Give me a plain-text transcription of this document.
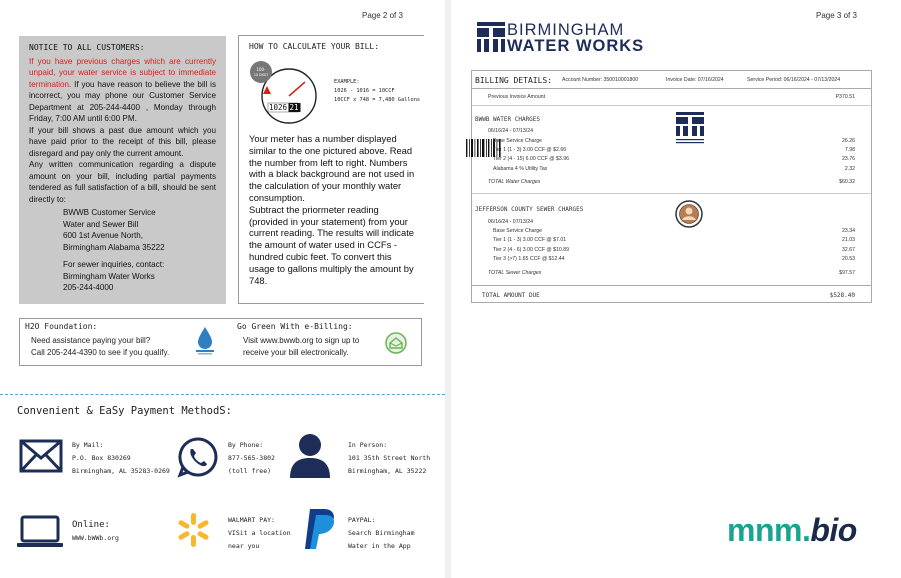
Page 2 of 3
NOTICE TO ALL CUSTOMERS:
If you have previous charges which are currently unpaid, your water service is subject to immediate termination. If you have reason to believe the bill is incorrect, you may phone our Customer Service Department at 205-244-4400 , Monday through Friday, 7:00 AM until 6:00 PM.
If your bill shows a past due amount which you have paid prior to the receipt of this bill, please disregard and pay only the current amount.
Any written communication regarding a dispute amount on your bill, including partial payments tendered as full satisfaction of a bill, should be sent directly to:
BWWB Customer Service
Water and Sewer Bill
600 1st Avenue North,
Birmingham Alabama 35222
For sewer inquiries, contact:
Birmingham Water Works
205-244-4000
HOW TO CALCULATE YOUR BILL:
100-
10 DIGIT
1026 21
EXAMPLE:
1026 - 1016 = 10CCF
10CCF x 748 = 7,480 Gallons
Your meter has a number displayed similar to the one pictured above. Read the number from left to right. Numbers with a black background are not used in the calculation of your monthly water consumption.
Subtract the priormeter reading (provided in your statement) from your current reading. The results will indicate the amount of water used in CCFs - hundred cubic feet. To convert this usage to gallons multiply the amount by 748.
H2O Foundation:
Need assistance paying your bill?
Call 205-244-4390 to see if you qualify.
Go Green With e-Billing:
Visit www.bwwb.org to sign up to
receive your bill electronically.
Convenient & EaSy Payment MethodS:
By Mail:
P.O. Box 830269
Birmingham, AL 35283-0269
By Phone:
877-565-3802
(toll free)
In Person:
101 35th Street North
Birmingham, AL 35222
Online:
WWW.bWWb.org
WALMART PAY:
VISit a location
near you
PAYPAL:
Search Birmingham
Water in the App
Page 3 of 3
BIRMINGHAM
WATER WORKS
BILLING DETAILS: Account Number: 350010001800	Invoice Date: 07/16/2024	Service Period: 06/16/2024 - 07/13/2024
Previous Invoice Amount	P370.51
BWWB WATER CHARGES
06/16/24 - 07/13/24
Base Service Charge	26.26
Tier 1 (1 - 3) 3.00 CCF @ $2.66	7.98
Tier 2 (4 - 15) 6.00 CCF @ $3.96	23.76
Alabama 4 % Utility Tax	2.32
TOTAL Water Charges	$60.32
JEFFERSON COUNTY SEWER CHARGES
06/16/24 - 07/13/24
Base Service Charge	23.34
Tier 1 (1 - 3) 3.00 CCF @ $7.01	21.03
Tier 2 (4 - 6) 3.00 CCF @ $10.89	32.67
Tier 3 (>7) 1.65 CCF @ $12.44	20.53
TOTAL Sewer Charges	$97.57
TOTAL AMOUNT DUE	$528.40
mnm.bio
